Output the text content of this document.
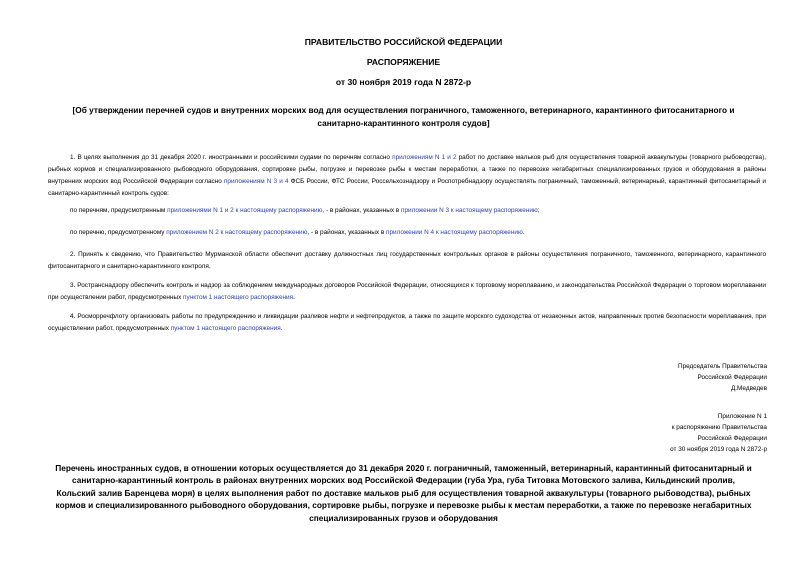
ПРАВИТЕЛЬСТВО РОССИЙСКОЙ ФЕДЕРАЦИИ
РАСПОРЯЖЕНИЕ
от 30 ноября 2019 года N 2872-р
[Об утверждении перечней судов и внутренних морских вод для осуществления пограничного, таможенного, ветеринарного, карантинного фитосанитарного и санитарно-карантинного контроля судов]
1. В целях выполнения до 31 декабря 2020 г. иностранными и российскими судами по перечням согласно приложениям N 1 и 2 работ по доставке мальков рыб для осуществления товарной аквакультуры (товарного рыбоводства), рыбных кормов и специализированного рыбоводного оборудования, сортировке рыбы, погрузке и перевозке рыбы к местам переработки, а также по перевозке негабаритных специализированных грузов и оборудования в районы внутренних морских вод Российской Федерации согласно приложениям N 3 и 4 ФСБ России, ФТС России, Россельхознадзору и Роспотребнадзору осуществлять пограничный, таможенный, ветеринарный, карантинный фитосанитарный и санитарно-карантинный контроль судов:
по перечням, предусмотренным приложениями N 1 и 2 к настоящему распоряжению, - в районах, указанных в приложении N 3 к настоящему распоряжению;
по перечню, предусмотренному приложением N 2 к настоящему распоряжению, - в районах, указанных в приложении N 4 к настоящему распоряжению.
2. Принять к сведению, что Правительство Мурманской области обеспечит доставку должностных лиц государственных контрольных органов в районы осуществления пограничного, таможенного, ветеринарного, карантинного фитосанитарного и санитарно-карантинного контроля.
3. Ространснадзору обеспечить контроль и надзор за соблюдением международных договоров Российской Федерации, относящихся к торговому мореплаванию, и законодательства Российской Федерации о торговом мореплавании при осуществлении работ, предусмотренных пунктом 1 настоящего распоряжения.
4. Росморречфлоту организовать работы по предупреждению и ликвидации разливов нефти и нефтепродуктов, а также по защите морского судоходства от незаконных актов, направленных против безопасности мореплавания, при осуществлении работ, предусмотренных пунктом 1 настоящего распоряжения.
Председатель Правительства
Российской Федерации
Д.Медведев
Приложение N 1
к распоряжению Правительства
Российской Федерации
от 30 ноября 2019 года N 2872-р
Перечень иностранных судов, в отношении которых осуществляется до 31 декабря 2020 г. пограничный, таможенный, ветеринарный, карантинный фитосанитарный и санитарно-карантинный контроль в районах внутренних морских вод Российской Федерации (губа Ура, губа Титовка Мотовского залива, Кильдинский пролив, Кольский залив Баренцева моря) в целях выполнения работ по доставке мальков рыб для осуществления товарной аквакультуры (товарного рыбоводства), рыбных кормов и специализированного рыбоводного оборудования, сортировке рыбы, погрузке и перевозке рыбы к местам переработки, а также по перевозке негабаритных специализированных грузов и оборудования
